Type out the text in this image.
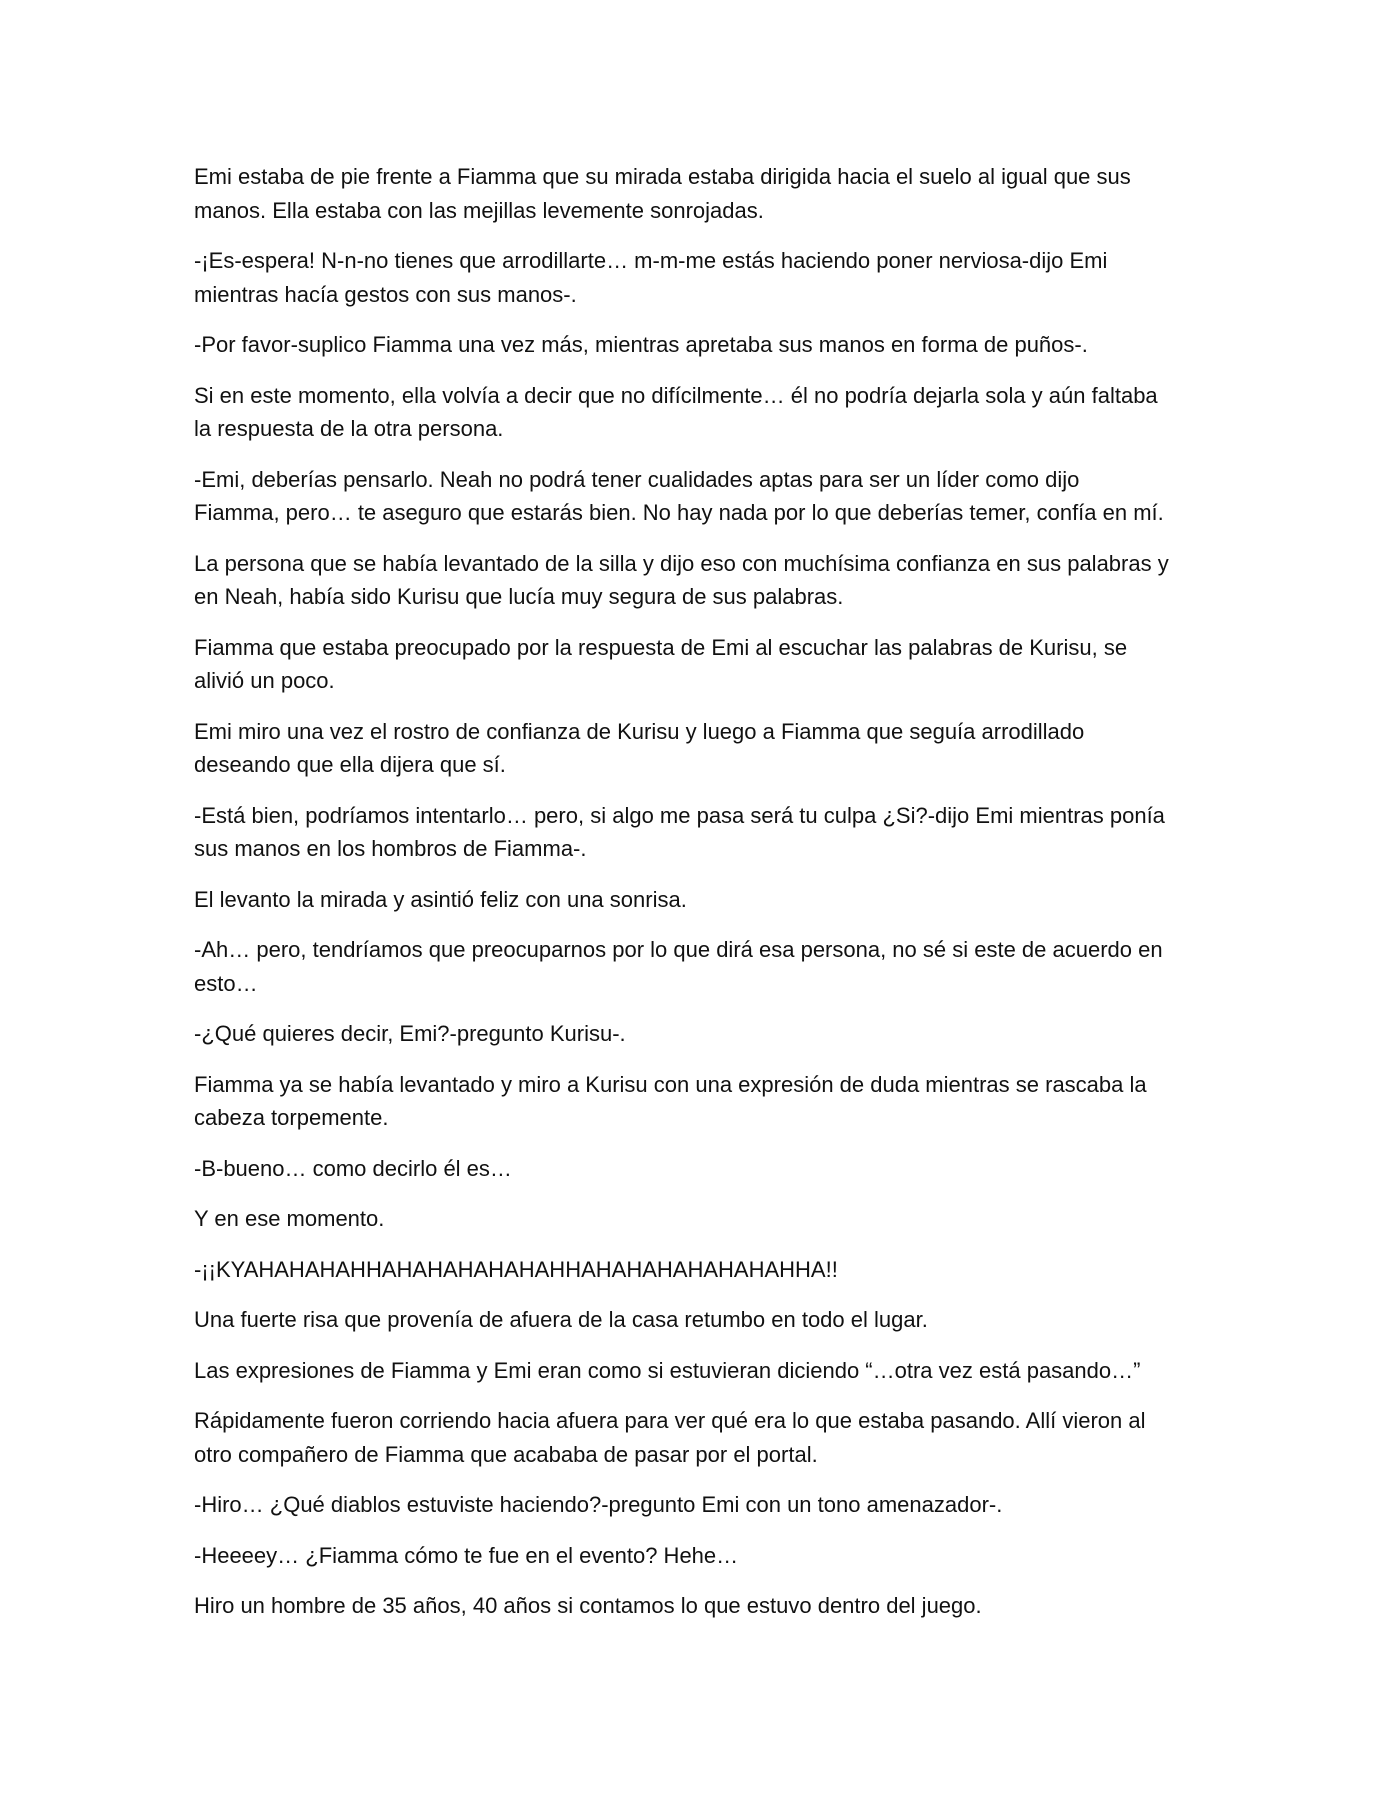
Emi estaba de pie frente a Fiamma que su mirada estaba dirigida hacia el suelo al igual que sus
manos. Ella estaba con las mejillas levemente sonrojadas.

-¡Es-espera! N-n-no tienes que arrodillarte… m-m-me estás haciendo poner nerviosa-dijo Emi
mientras hacía gestos con sus manos-.

-Por favor-suplico Fiamma una vez más, mientras apretaba sus manos en forma de puños-.

Si en este momento, ella volvía a decir que no difícilmente… él no podría dejarla sola y aún faltaba
la respuesta de la otra persona.

-Emi, deberías pensarlo. Neah no podrá tener cualidades aptas para ser un líder como dijo
Fiamma, pero… te aseguro que estarás bien. No hay nada por lo que deberías temer, confía en mí.

La persona que se había levantado de la silla y dijo eso con muchísima confianza en sus palabras y
en Neah, había sido Kurisu que lucía muy segura de sus palabras.

Fiamma que estaba preocupado por la respuesta de Emi al escuchar las palabras de Kurisu, se
alivió un poco.

Emi miro una vez el rostro de confianza de Kurisu y luego a Fiamma que seguía arrodillado
deseando que ella dijera que sí.

-Está bien, podríamos intentarlo… pero, si algo me pasa será tu culpa ¿Si?-dijo Emi mientras ponía
sus manos en los hombros de Fiamma-.

El levanto la mirada y asintió feliz con una sonrisa.

-Ah… pero, tendríamos que preocuparnos por lo que dirá esa persona, no sé si este de acuerdo en
esto…

-¿Qué quieres decir, Emi?-pregunto Kurisu-.

Fiamma ya se había levantado y miro a Kurisu con una expresión de duda mientras se rascaba la
cabeza torpemente.

-B-bueno… como decirlo él es…

Y en ese momento.

-¡¡KYAHAHAHAHHAHAHAHAHAHAHHAHAHAHAHAHAHAHHA!!

Una fuerte risa que provenía de afuera de la casa retumbo en todo el lugar.

Las expresiones de Fiamma y Emi eran como si estuvieran diciendo “…otra vez está pasando…”

Rápidamente fueron corriendo hacia afuera para ver qué era lo que estaba pasando. Allí vieron al
otro compañero de Fiamma que acababa de pasar por el portal.

-Hiro… ¿Qué diablos estuviste haciendo?-pregunto Emi con un tono amenazador-.

-Heeeey… ¿Fiamma cómo te fue en el evento? Hehe…

Hiro un hombre de 35 años, 40 años si contamos lo que estuvo dentro del juego.
